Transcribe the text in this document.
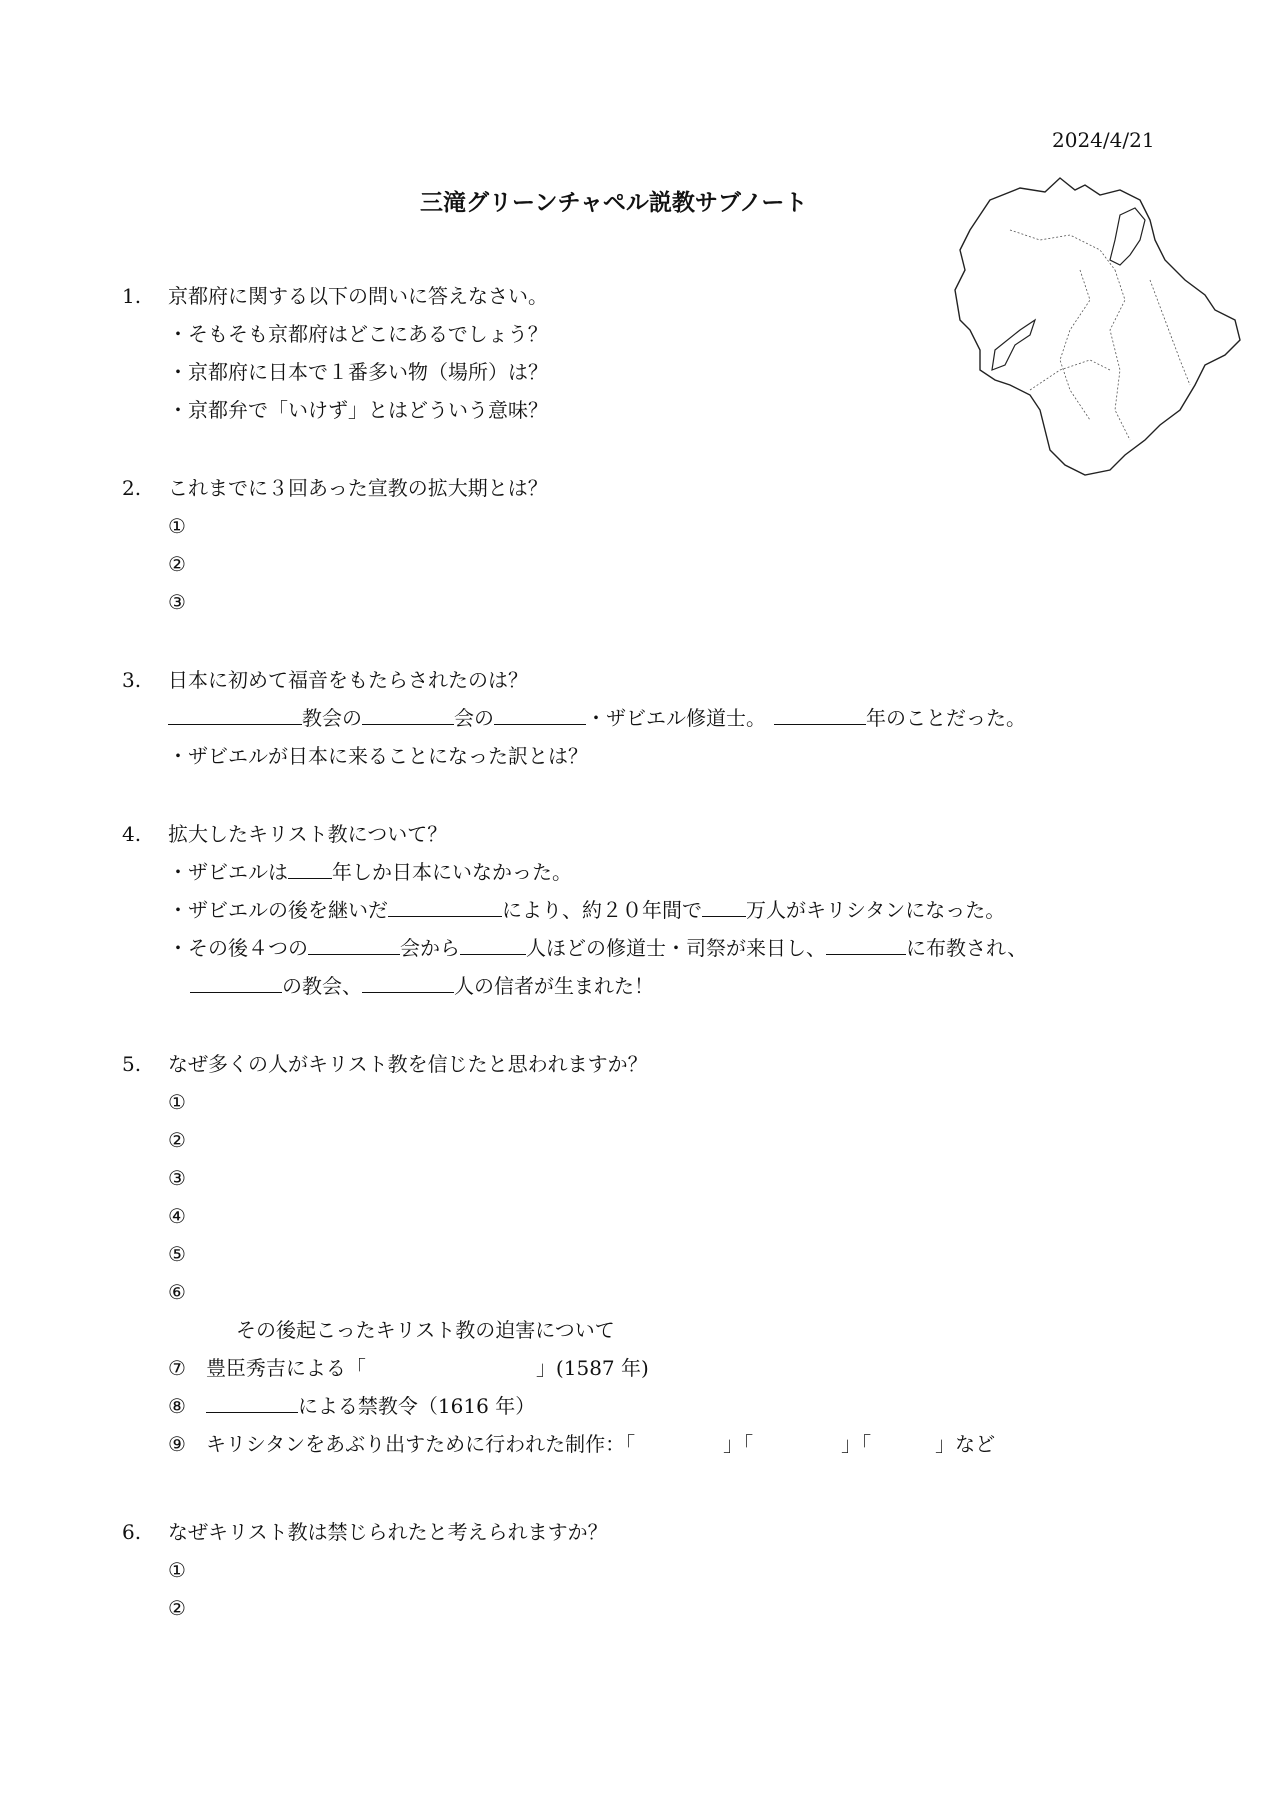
2024/4/21
三滝グリーンチャペル説教サブノート
1. 京都府に関する以下の問いに答えなさい。
・そもそも京都府はどこにあるでしょう？
・京都府に日本で１番多い物（場所）は？
・京都弁で「いけず」とはどういう意味？
2. これまでに３回あった宣教の拡大期とは？
①
②
③
3. 日本に初めて福音をもたらされたのは？
教会の	会の	・ザビエル修道士。	年のことだった。
・ザビエルが日本に来ることになった訳とは？
4. 拡大したキリスト教について？
・ザビエルは 年しか日本にいなかった。
・ザビエルの後を継いだ	により、約２０年間で 万人がキリシタンになった。
・その後４つの	会から	人ほどの修道士・司祭が来日し、	に布教され、
の教会、	人の信者が生まれた！
5. なぜ多くの人がキリスト教を信じたと思われますか？
①
②
③
④
⑤
⑥
その後起こったキリスト教の迫害について
⑦ 豊臣秀吉による「	」(1587 年)
⑧	による禁教令（1616 年）
⑨ キリシタンをあぶり出すために行われた制作：「	」「	」「	」など
6. なぜキリスト教は禁じられたと考えられますか？
①
②
